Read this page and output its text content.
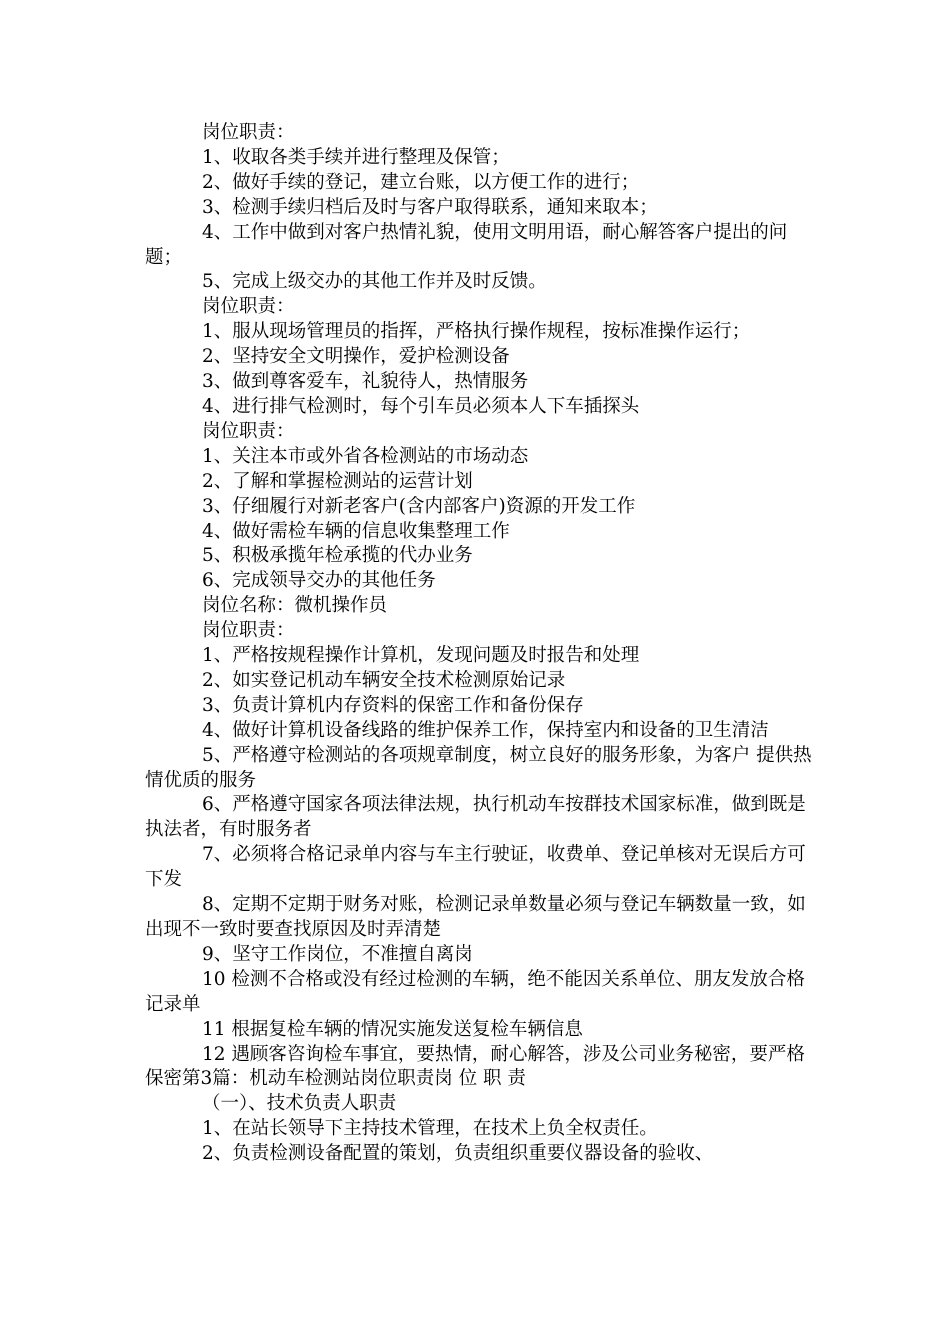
岗位职责：

1、收取各类手续并进行整理及保管；

2、做好手续的登记，建立台账，以方便工作的进行；

3、检测手续归档后及时与客户取得联系，通知来取本；

4、工作中做到对客户热情礼貌，使用文明用语，耐心解答客户提出的问题；

5、完成上级交办的其他工作并及时反馈。

岗位职责：

1、服从现场管理员的指挥，严格执行操作规程，按标准操作运行；

2、坚持安全文明操作，爱护检测设备

3、做到尊客爱车，礼貌待人，热情服务

4、进行排气检测时，每个引车员必须本人下车插探头

岗位职责：

1、关注本市或外省各检测站的市场动态

2、了解和掌握检测站的运营计划

3、仔细履行对新老客户(含内部客户)资源的开发工作

4、做好需检车辆的信息收集整理工作

5、积极承揽年检承揽的代办业务

6、完成领导交办的其他任务

岗位名称：微机操作员

岗位职责：

1、严格按规程操作计算机，发现问题及时报告和处理

2、如实登记机动车辆安全技术检测原始记录

3、负责计算机内存资料的保密工作和备份保存

4、做好计算机设备线路的维护保养工作，保持室内和设备的卫生清洁

5、严格遵守检测站的各项规章制度，树立良好的服务形象，为客户 提供热情优质的服务

6、严格遵守国家各项法律法规，执行机动车按群技术国家标准，做到既是执法者，有时服务者

7、必须将合格记录单内容与车主行驶证，收费单、登记单核对无误后方可下发

8、定期不定期于财务对账，检测记录单数量必须与登记车辆数量一致，如出现不一致时要查找原因及时弄清楚

9、坚守工作岗位，不准擅自离岗

10 检测不合格或没有经过检测的车辆，绝不能因关系单位、朋友发放合格记录单

11 根据复检车辆的情况实施发送复检车辆信息

12 遇顾客咨询检车事宜，要热情，耐心解答，涉及公司业务秘密，要严格保密第3篇：机动车检测站岗位职责岗 位 职 责

（一）、技术负责人职责

1、在站长领导下主持技术管理，在技术上负全权责任。

2、负责检测设备配置的策划，负责组织重要仪器设备的验收、
